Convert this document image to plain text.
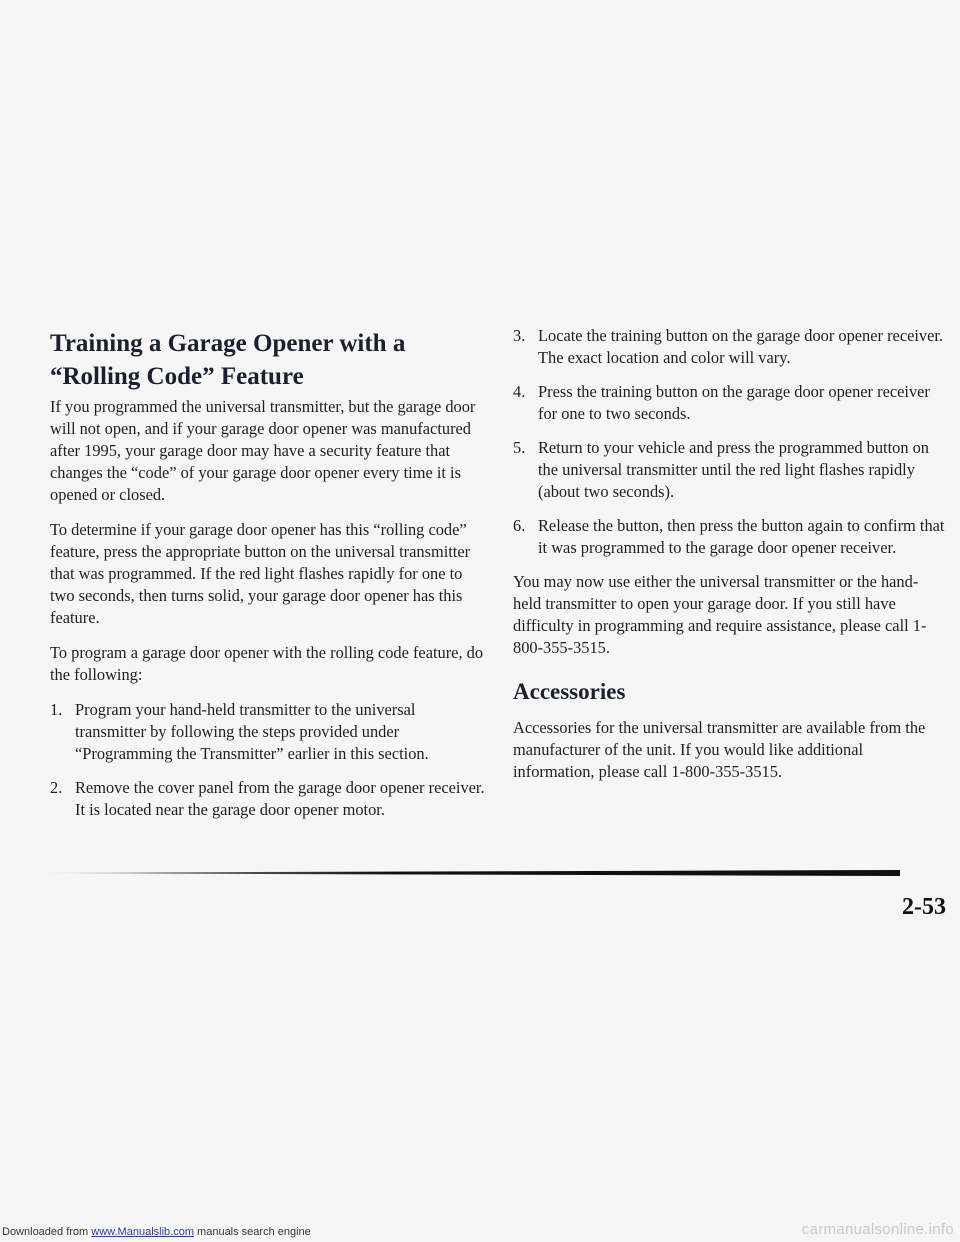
Training a Garage Opener with a “Rolling Code” Feature

If you programmed the universal transmitter, but the garage door will not open, and if your garage door opener was manufactured after 1995, your garage door may have a security feature that changes the “code” of your garage door opener every time it is opened or closed.

To determine if your garage door opener has this “rolling code” feature, press the appropriate button on the universal transmitter that was programmed. If the red light flashes rapidly for one to two seconds, then turns solid, your garage door opener has this feature.

To program a garage door opener with the rolling code feature, do the following:

1. Program your hand-held transmitter to the universal transmitter by following the steps provided under “Programming the Transmitter” earlier in this section.
2. Remove the cover panel from the garage door opener receiver. It is located near the garage door opener motor.
3. Locate the training button on the garage door opener receiver. The exact location and color will vary.
4. Press the training button on the garage door opener receiver for one to two seconds.
5. Return to your vehicle and press the programmed button on the universal transmitter until the red light flashes rapidly (about two seconds).
6. Release the button, then press the button again to confirm that it was programmed to the garage door opener receiver.

You may now use either the universal transmitter or the hand-held transmitter to open your garage door. If you still have difficulty in programming and require assistance, please call 1-800-355-3515.

Accessories

Accessories for the universal transmitter are available from the manufacturer of the unit. If you would like additional information, please call 1-800-355-3515.

2-53
Downloaded from www.Manualslib.com manuals search engine	carmanualsonline.info
